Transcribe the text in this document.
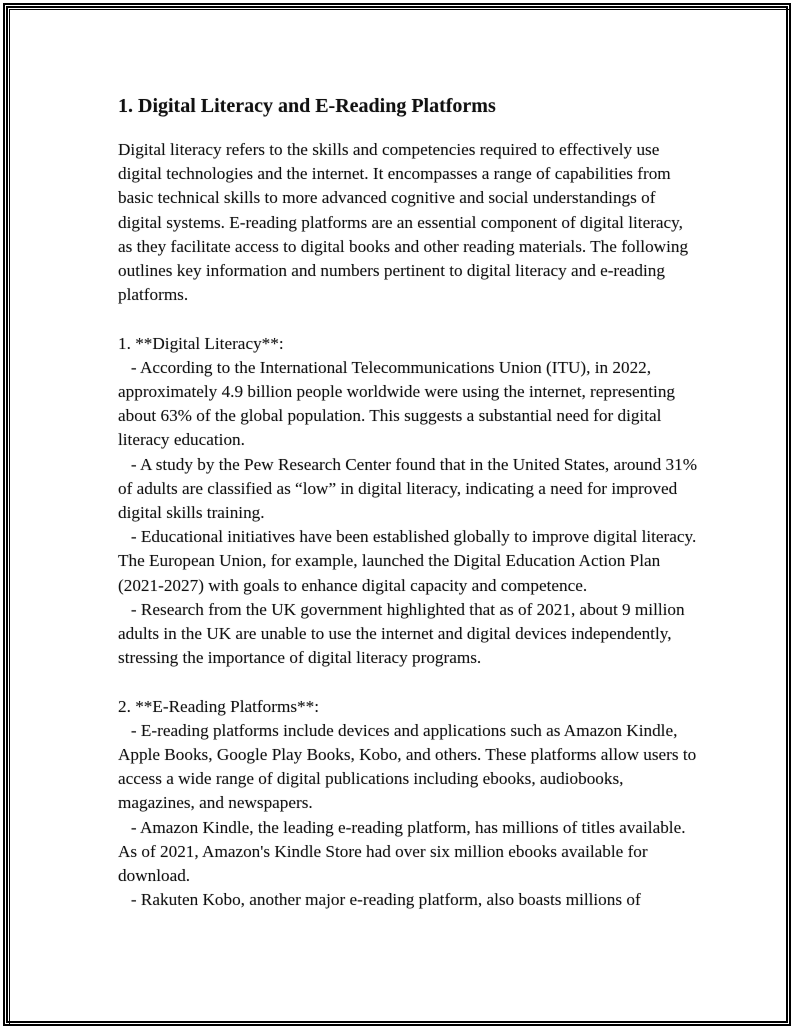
1. Digital Literacy and E-Reading Platforms

Digital literacy refers to the skills and competencies required to effectively use digital technologies and the internet. It encompasses a range of capabilities from basic technical skills to more advanced cognitive and social understandings of digital systems. E-reading platforms are an essential component of digital literacy, as they facilitate access to digital books and other reading materials. The following outlines key information and numbers pertinent to digital literacy and e-reading platforms.

1. **Digital Literacy**:

- According to the International Telecommunications Union (ITU), in 2022, approximately 4.9 billion people worldwide were using the internet, representing about 63% of the global population. This suggests a substantial need for digital literacy education.

- A study by the Pew Research Center found that in the United States, around 31% of adults are classified as “low” in digital literacy, indicating a need for improved digital skills training.

- Educational initiatives have been established globally to improve digital literacy. The European Union, for example, launched the Digital Education Action Plan (2021-2027) with goals to enhance digital capacity and competence.

- Research from the UK government highlighted that as of 2021, about 9 million adults in the UK are unable to use the internet and digital devices independently, stressing the importance of digital literacy programs.

2. **E-Reading Platforms**:

- E-reading platforms include devices and applications such as Amazon Kindle, Apple Books, Google Play Books, Kobo, and others. These platforms allow users to access a wide range of digital publications including ebooks, audiobooks, magazines, and newspapers.

- Amazon Kindle, the leading e-reading platform, has millions of titles available. As of 2021, Amazon's Kindle Store had over six million ebooks available for download.

- Rakuten Kobo, another major e-reading platform, also boasts millions of
